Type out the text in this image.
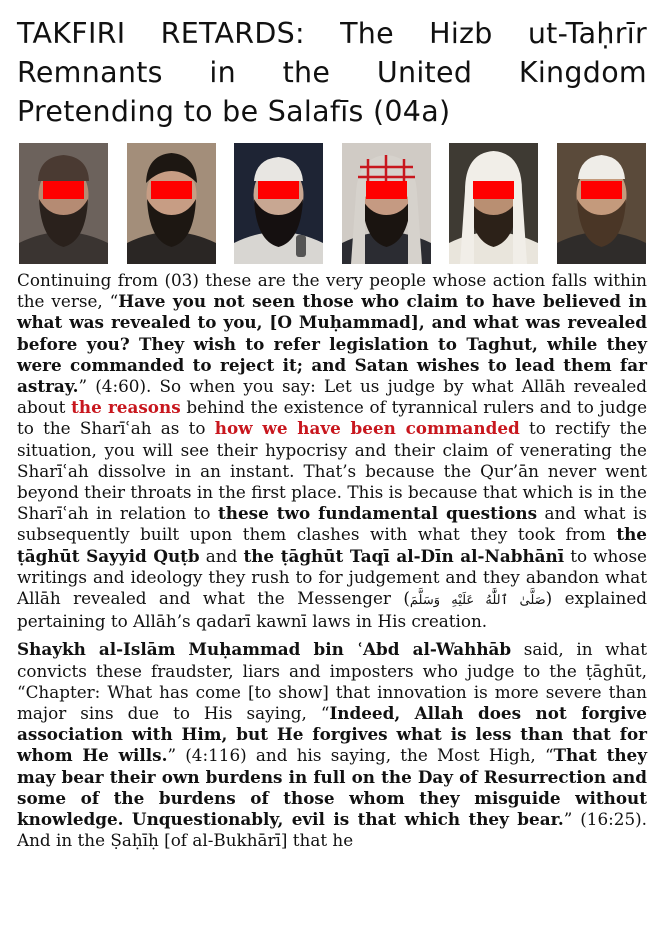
TAKFIRI RETARDS: The Hizb ut-Taḥrīr Remnants in the United Kingdom Pretending to be Salafīs (04a)

Continuing from (03) these are the very people whose action falls within the verse, “Have you not seen those who claim to have believed in what was revealed to you, [O Muḥammad], and what was revealed before you? They wish to refer legislation to Taghut, while they were commanded to reject it; and Satan wishes to lead them far astray.” (4:60). So when you say: Let us judge by what Allāh revealed about the reasons behind the existence of tyrannical rulers and to judge to the Sharīʿah as to how we have been commanded to rectify the situation, you will see their hypocrisy and their claim of venerating the Sharīʿah dissolve in an instant. That’s because the Qur’ān never went beyond their throats in the first place. This is because that which is in the Sharīʿah in relation to these two fundamental questions and what is subsequently built upon them clashes with what they took from the ṭāghūt Sayyid Quṭb and the ṭāghūt Taqī al-Dīn al-Nabhānī to whose writings and ideology they rush to for judgement and they abandon what Allāh revealed and what the Messenger (صَلَّىٰ ٱللَّٰهُ عَلَيْهِ وَسَلَّمَ) explained pertaining to Allāh’s qadarī kawnī laws in His creation.

Shaykh al-Islām Muḥammad bin ʿAbd al-Wahhāb said, in what convicts these fraudster, liars and imposters who judge to the ṭāghūt, “Chapter: What has come [to show] that innovation is more severe than major sins due to His saying, “Indeed, Allah does not forgive association with Him, but He forgives what is less than that for whom He wills.” (4:116) and his saying, the Most High, “That they may bear their own burdens in full on the Day of Resurrection and some of the burdens of those whom they misguide without knowledge. Unquestionably, evil is that which they bear.” (16:25). And in the Ṣaḥīḥ [of al-Bukhārī] that he
